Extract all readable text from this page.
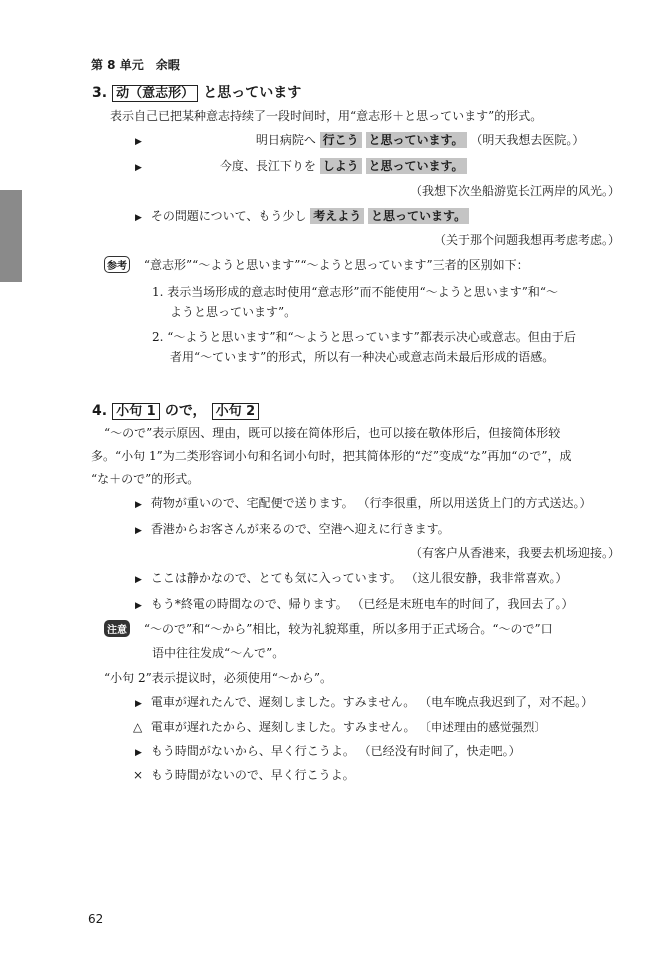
第 8 单元　余暇
3. 动（意志形） と思っています
表示自己已把某种意志持续了一段时间时，用“意志形＋と思っています”的形式。
▶	明日病院へ 行こう と思っています。 （明天我想去医院。）
▶	今度、長江下りを しよう と思っています。
（我想下次坐船游览长江两岸的风光。）
▶ その問題について、もう少し 考えよう と思っています。
（关于那个问题我想再考虑考虑。）
参考 “意志形”“～ようと思います”“～ようと思っています”三者的区别如下：
1. 表示当场形成的意志时使用“意志形”而不能使用“～ようと思います”和“～
ようと思っています”。
2. “～ようと思います”和“～ようと思っています”都表示决心或意志。但由于后
者用“～ています”的形式，所以有一种决心或意志尚未最后形成的语感。
4. 小句 1 ので， 小句 2
“～ので”表示原因、理由，既可以接在简体形后，也可以接在敬体形后，但接简体形较
多。“小句 1”为二类形容词小句和名词小句时，把其简体形的“だ”变成“な”再加“ので”，成
“な＋ので”的形式。
▶ 荷物が重いので、宅配便で送ります。 （行李很重，所以用送货上门的方式送达。）
▶ 香港からお客さんが来るので、空港へ迎えに行きます。
（有客户从香港来，我要去机场迎接。）
▶ ここは静かなので、とても気に入っています。 （这儿很安静，我非常喜欢。）
▶ もう*終電の時間なので、帰ります。 （已经是末班电车的时间了，我回去了。）
注意 “～ので”和“～から”相比，较为礼貌郑重，所以多用于正式场合。“～ので”口
语中往往发成“～んで”。
“小句 2”表示提议时，必须使用“～から”。
▶ 電車が遅れたんで、遅刻しました。すみません。 （电车晚点我迟到了，对不起。）
△ 電車が遅れたから、遅刻しました。すみません。 〔申述理由的感觉强烈〕
▶ もう時間がないから、早く行こうよ。 （已经没有时间了，快走吧。）
× もう時間がないので、早く行こうよ。
62
